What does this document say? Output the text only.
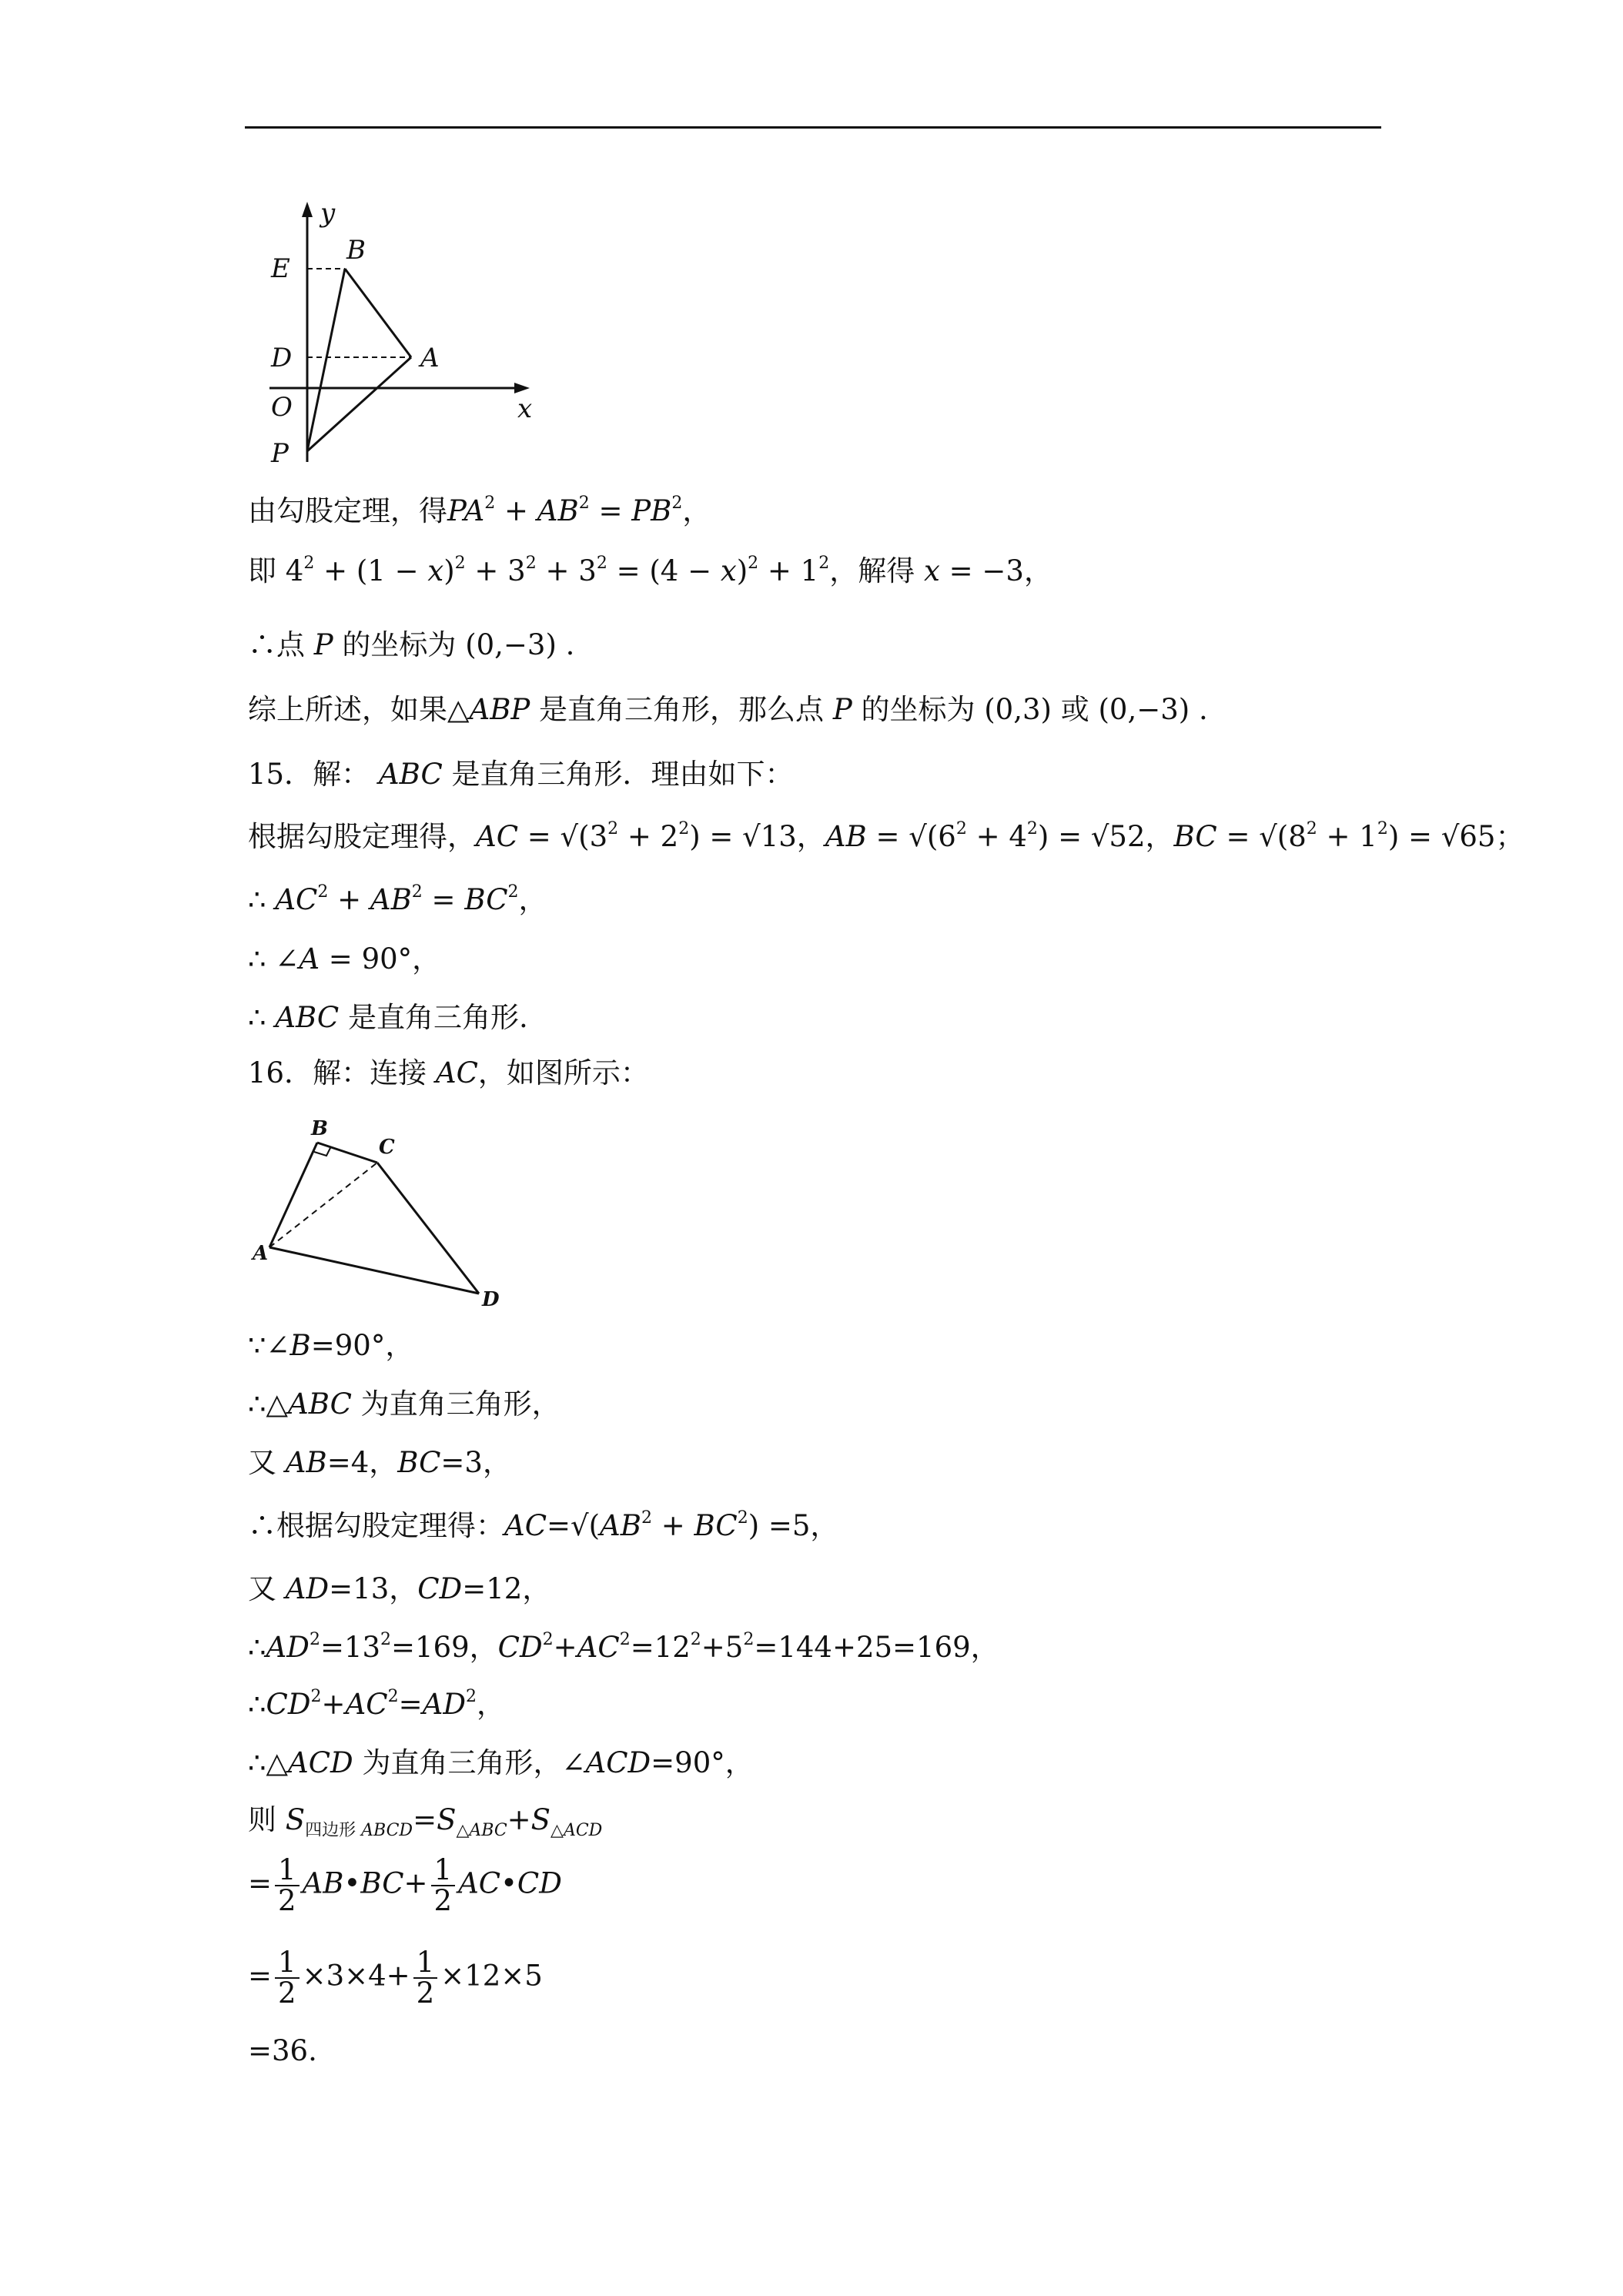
y
x
B
E
D	A
O
P
由勾股定理，得$PA^2 + AB^2 = PB^2$，
即 $4^2 + (1 - x)^2 + 3^2 + 3^2 = (4 - x)^2 + 1^2$，解得 x = −3，
∴点 P 的坐标为 (0,−3) .
综上所述，如果△ABP 是直角三角形，那么点 P 的坐标为 (0,3) 或 (0,−3) .
15．解： ABC 是直角三角形．理由如下：
根据勾股定理得，AC = $√(3^2 + 2^2) = √13$，AB = $√(6^2 + 4^2) = √52$，BC = $√(8^2 + 1^2) = √65$；
∴ $AC^2 + AB^2 = BC^2$，
∴ ∠A = 90°，
∴ ABC 是直角三角形.
16．解：连接 AC，如图所示：
B
C
A
D
∵∠B=90°，
∴△ABC 为直角三角形，
又 AB=4，BC=3，
∴根据勾股定理得：$AC=√(AB^2 + BC^2) =5$，
又 AD=13，CD=12，
$\therefore AD^2=13^2=169$，$CD^2+AC^2=12^2+5^2=144+25=169$，
$\therefore CD^2+AC^2=AD^2$，
∴△ACD 为直角三角形，∠ACD=90°，
则 $S_{四边形 ABCD}=S_{\triangle ABC}+S_{\triangle ACD}$
= $\frac{1}{2}$ AB•BC+ $\frac{1}{2}$ AC•CD
= $\frac{1}{2} \times 3\times 4+ \frac{1}{2} \times 12\times 5$
=36.
